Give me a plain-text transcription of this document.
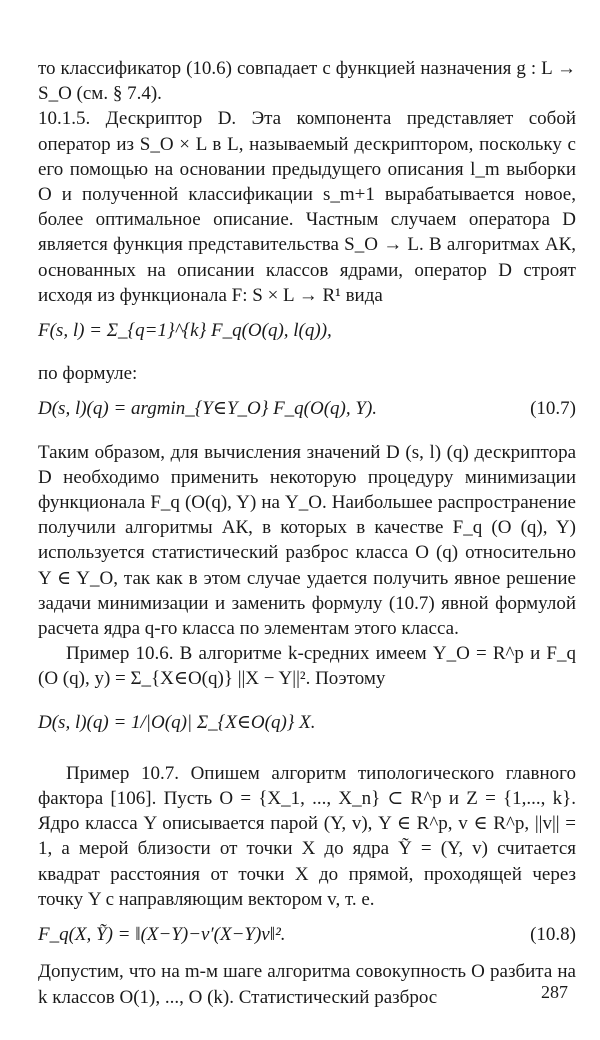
то классификатор (10.6) совпадает с функцией назначения g : L → S_O (см. § 7.4).

10.1.5. Дескриптор D. Эта компонента представляет собой оператор из S_O × L в L, называемый дескриптором, поскольку с его помощью на основании предыдущего описания l_m выборки O и полученной классификации s_m+1 вырабатывается новое, более оптимальное описание. Частным случаем оператора D является функция представительства S_O → L. В алгоритмах АК, основанных на описании классов ядрами, оператор D строят исходя из функционала F: S × L → R¹ вида

F(s, l) = Σ_{q=1}^{k} F_q(O(q), l(q)),

по формуле:

D(s, l)(q) = argmin_{Y∈Y_O} F_q(O(q), Y).	(10.7)

Таким образом, для вычисления значений D (s, l) (q) дескриптора D необходимо применить некоторую процедуру минимизации функционала F_q (O(q), Y) на Y_O. Наибольшее распространение получили алгоритмы АК, в которых в качестве F_q (O (q), Y) используется статистический разброс класса O (q) относительно Y ∈ Y_O, так как в этом случае удается получить явное решение задачи минимизации и заменить формулу (10.7) явной формулой расчета ядра q-го класса по элементам этого класса.

Пример 10.6. В алгоритме k-средних имеем Y_O = R^p и F_q (O (q), y) = Σ_{X∈O(q)} ||X − Y||². Поэтому

D(s, l)(q) = 1/|O(q)| Σ_{X∈O(q)} X.

Пример 10.7. Опишем алгоритм типологического главного фактора [106]. Пусть O = {X_1, ..., X_n} ⊂ R^p и Z = {1,..., k}. Ядро класса Y описывается парой (Y, v), Y ∈ R^p, v ∈ R^p, ||v|| = 1, а мерой близости от точки X до ядра Ỹ = (Y, v) считается квадрат расстояния от точки X до прямой, проходящей через точку Y с направляющим вектором v, т. е.

F_q(X, Ỹ) = ‖(X−Y)−v′(X−Y)v‖².	(10.8)

Допустим, что на m-м шаге алгоритма совокупность O разбита на k классов O(1), ..., O (k). Статистический разброс	287
